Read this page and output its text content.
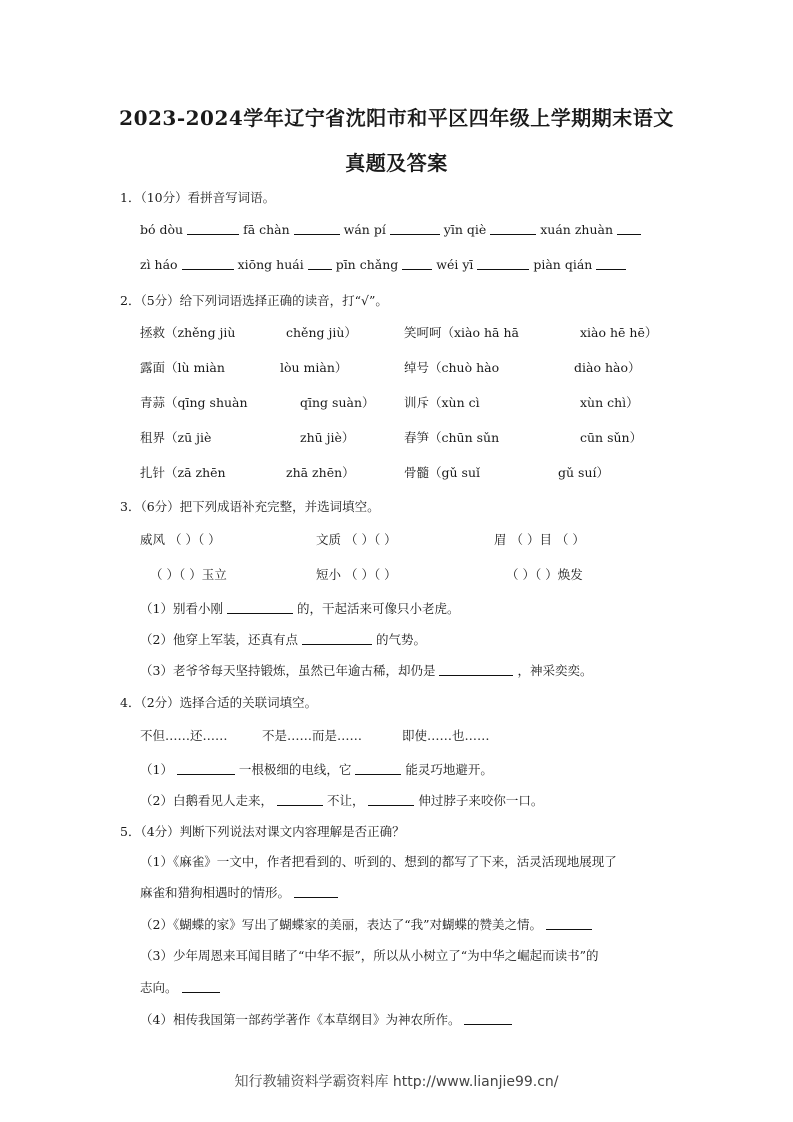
2023-2024学年辽宁省沈阳市和平区四年级上学期期末语文
真题及答案
1．（10分）看拼音写词语。
bó dòu	fā chàn	wán pí	yīn qiè	xuán zhuàn
zì háo	xiōng huái	pīn chǎng	wéi yī	piàn qián
2．（5分）给下列词语选择正确的读音，打“√”。
拯救（zhěng jiù	chěng jiù）	笑呵呵（xiào hā hā	xiào hē hē）
露面（lù miàn	lòu miàn）	绰号（chuò hào	diào hào）
青蒜（qīng shuàn	qīng suàn） 训斥（xùn cì	xùn chì）
租界（zū jiè	zhū jiè）	春笋（chūn sǔn	cūn sǔn）
扎针（zā zhēn	zhā zhēn）	骨髓（gǔ suǐ	gǔ suí）
3．（6分）把下列成语补充完整，并选词填空。
威风 （ ）（ ）	文质 （ ）（ ）	眉 （ ）目 （ ）
（ ）（ ）玉立	短小 （ ）（ ）	（ ）（ ）焕发
（1）别看小刚	的，干起活来可像只小老虎。
（2）他穿上军装，还真有点	的气势。
（3）老爷爷每天坚持锻炼，虽然已年逾古稀，却仍是	，神采奕奕。
4．（2分）选择合适的关联词填空。
不但……还……	不是……而是……	即使……也……
（1）	一根极细的电线，它	能灵巧地避开。
（2）白鹅看见人走来，	不让，	伸过脖子来咬你一口。
5．（4分）判断下列说法对课文内容理解是否正确？
（1）《麻雀》一文中，作者把看到的、听到的、想到的都写了下来，活灵活现地展现了
麻雀和猎狗相遇时的情形。
（2）《蝴蝶的家》写出了蝴蝶家的美丽，表达了“我”对蝴蝶的赞美之情。
（3）少年周恩来耳闻目睹了“中华不振”，所以从小树立了“为中华之崛起而读书”的
志向。
（4）相传我国第一部药学著作《本草纲目》为神农所作。
知行教辅资料学霸资料库 http://www.lianjie99.cn/
